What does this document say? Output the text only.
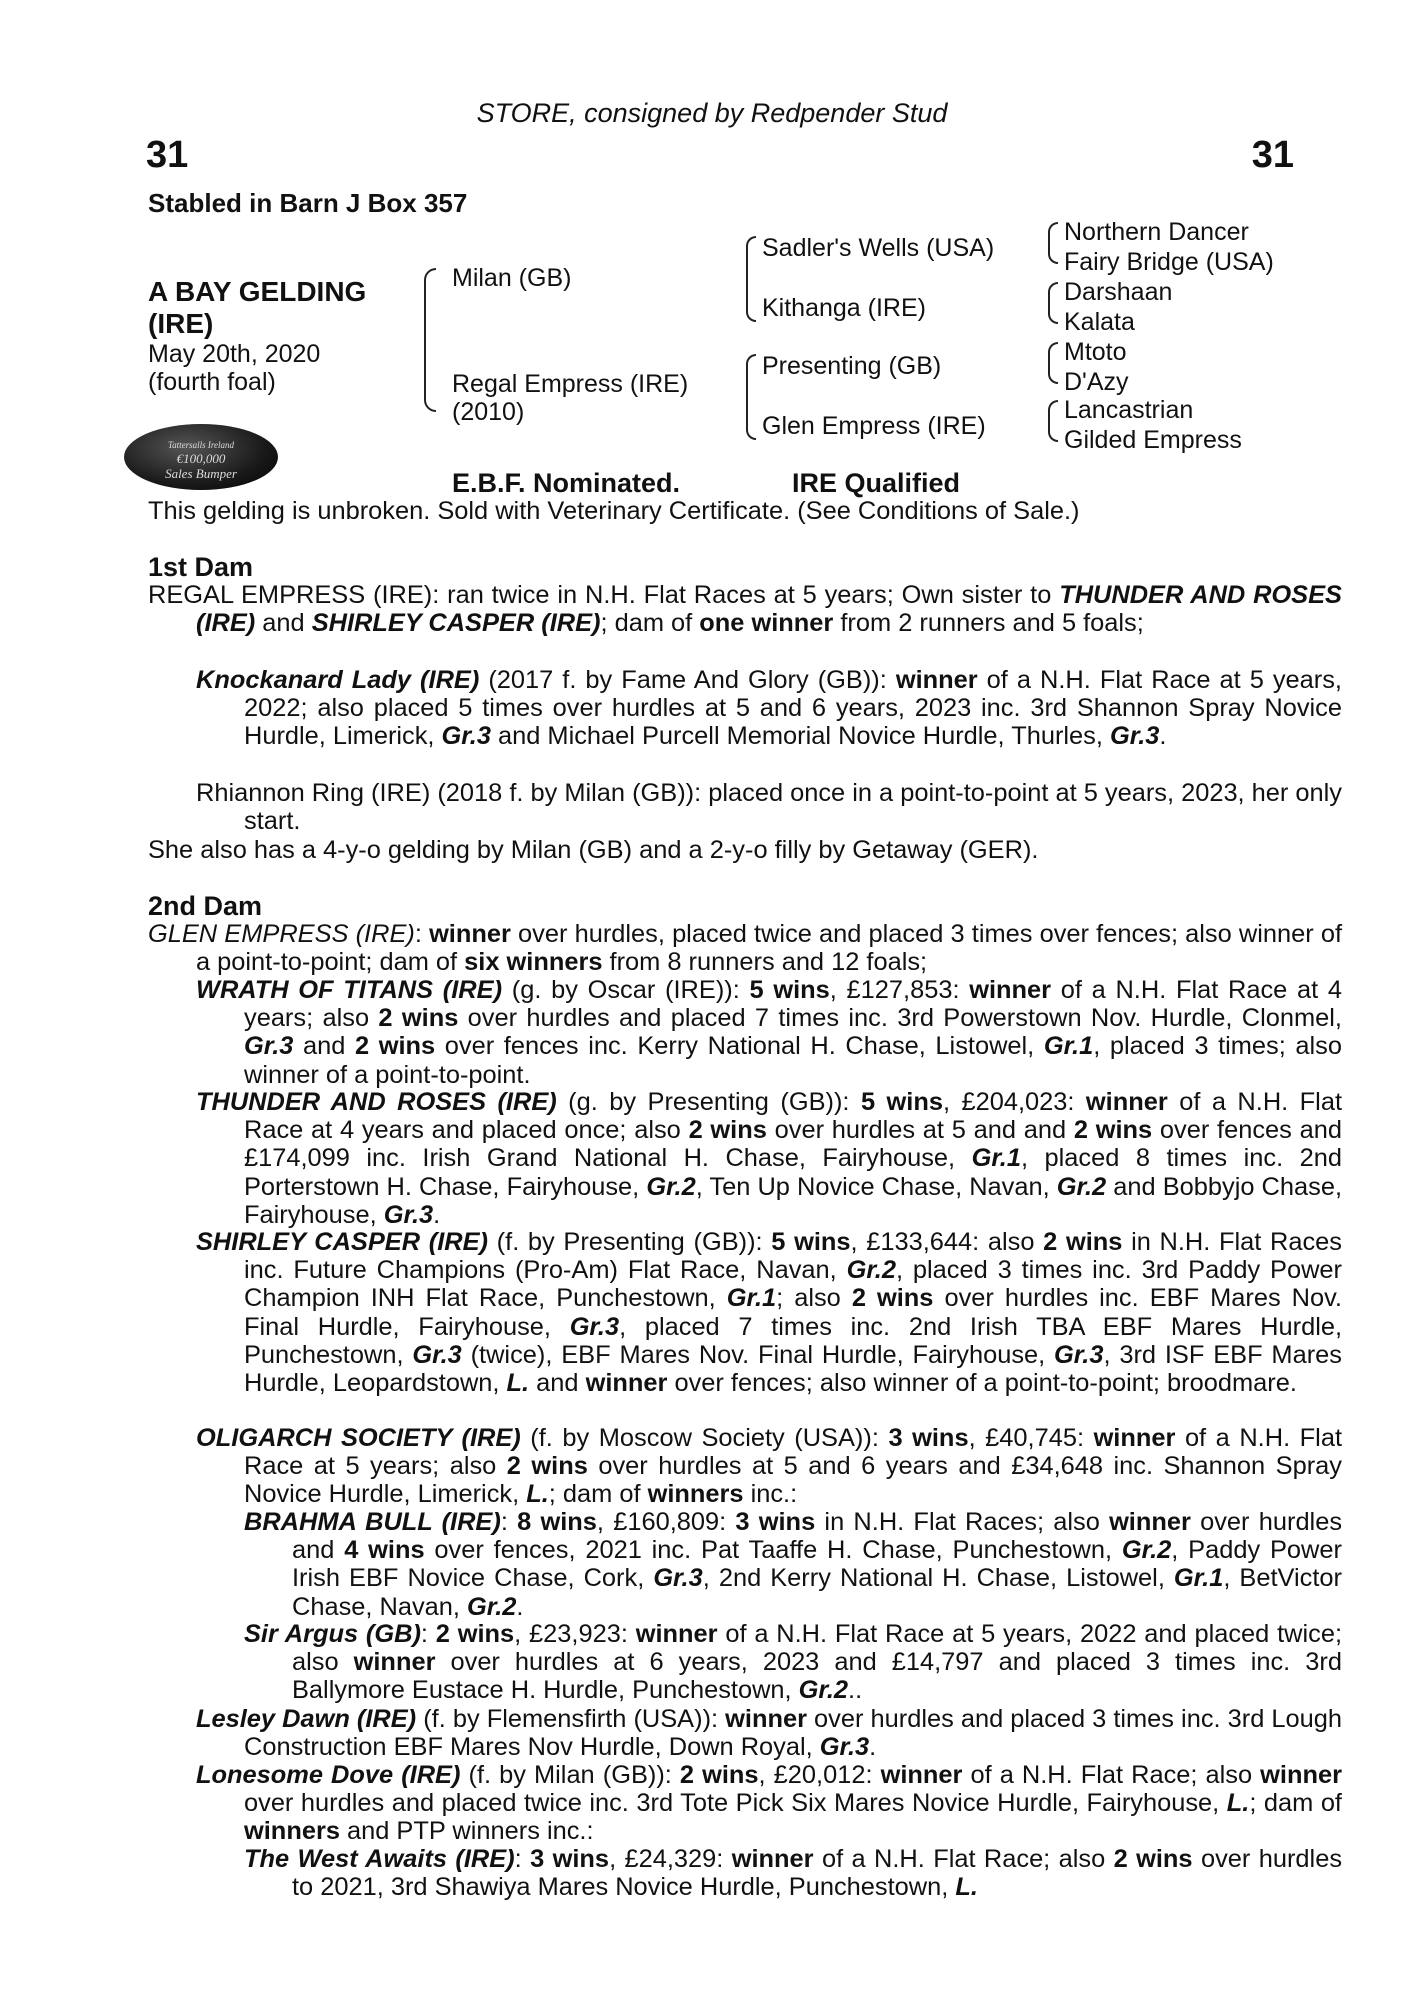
STORE, consigned by Redpender Stud
31	31
Stabled in Barn J Box 357
A BAY GELDING
(IRE)
May 20th, 2020
(fourth foal)
Tattersalls Ireland
€100,000
Sales Bumper
Milan (GB)
Regal Empress (IRE)
(2010)
Sadler's Wells (USA)
Kithanga (IRE)
Presenting (GB)
Glen Empress (IRE)
Northern Dancer
Fairy Bridge (USA)
Darshaan
Kalata
Mtoto
D'Azy
Lancastrian
Gilded Empress
E.B.F. Nominated.	IRE Qualified
This gelding is unbroken. Sold with Veterinary Certificate. (See Conditions of Sale.)
1st Dam
REGAL EMPRESS (IRE): ran twice in N.H. Flat Races at 5 years; Own sister to THUNDER AND ROSES (IRE) and SHIRLEY CASPER (IRE); dam of one winner from 2 runners and 5 foals;
Knockanard Lady (IRE) (2017 f. by Fame And Glory (GB)): winner of a N.H. Flat Race at 5 years, 2022; also placed 5 times over hurdles at 5 and 6 years, 2023 inc. 3rd Shannon Spray Novice Hurdle, Limerick, Gr.3 and Michael Purcell Memorial Novice Hurdle, Thurles, Gr.3.
Rhiannon Ring (IRE) (2018 f. by Milan (GB)): placed once in a point-to-point at 5 years, 2023, her only start.
She also has a 4-y-o gelding by Milan (GB) and a 2-y-o filly by Getaway (GER).
2nd Dam
GLEN EMPRESS (IRE): winner over hurdles, placed twice and placed 3 times over fences; also winner of a point-to-point; dam of six winners from 8 runners and 12 foals;
WRATH OF TITANS (IRE) (g. by Oscar (IRE)): 5 wins, £127,853: winner of a N.H. Flat Race at 4 years; also 2 wins over hurdles and placed 7 times inc. 3rd Powerstown Nov. Hurdle, Clonmel, Gr.3 and 2 wins over fences inc. Kerry National H. Chase, Listowel, Gr.1, placed 3 times; also winner of a point-to-point.
THUNDER AND ROSES (IRE) (g. by Presenting (GB)): 5 wins, £204,023: winner of a N.H. Flat Race at 4 years and placed once; also 2 wins over hurdles at 5 and and 2 wins over fences and £174,099 inc. Irish Grand National H. Chase, Fairyhouse, Gr.1, placed 8 times inc. 2nd Porterstown H. Chase, Fairyhouse, Gr.2, Ten Up Novice Chase, Navan, Gr.2 and Bobbyjo Chase, Fairyhouse, Gr.3.
SHIRLEY CASPER (IRE) (f. by Presenting (GB)): 5 wins, £133,644: also 2 wins in N.H. Flat Races inc. Future Champions (Pro-Am) Flat Race, Navan, Gr.2, placed 3 times inc. 3rd Paddy Power Champion INH Flat Race, Punchestown, Gr.1; also 2 wins over hurdles inc. EBF Mares Nov. Final Hurdle, Fairyhouse, Gr.3, placed 7 times inc. 2nd Irish TBA EBF Mares Hurdle, Punchestown, Gr.3 (twice), EBF Mares Nov. Final Hurdle, Fairyhouse, Gr.3, 3rd ISF EBF Mares Hurdle, Leopardstown, L. and winner over fences; also winner of a point-to-point; broodmare.
OLIGARCH SOCIETY (IRE) (f. by Moscow Society (USA)): 3 wins, £40,745: winner of a N.H. Flat Race at 5 years; also 2 wins over hurdles at 5 and 6 years and £34,648 inc. Shannon Spray Novice Hurdle, Limerick, L.; dam of winners inc.:
BRAHMA BULL (IRE): 8 wins, £160,809: 3 wins in N.H. Flat Races; also winner over hurdles and 4 wins over fences, 2021 inc. Pat Taaffe H. Chase, Punchestown, Gr.2, Paddy Power Irish EBF Novice Chase, Cork, Gr.3, 2nd Kerry National H. Chase, Listowel, Gr.1, BetVictor Chase, Navan, Gr.2.
Sir Argus (GB): 2 wins, £23,923: winner of a N.H. Flat Race at 5 years, 2022 and placed twice; also winner over hurdles at 6 years, 2023 and £14,797 and placed 3 times inc. 3rd Ballymore Eustace H. Hurdle, Punchestown, Gr.2..
Lesley Dawn (IRE) (f. by Flemensfirth (USA)): winner over hurdles and placed 3 times inc. 3rd Lough Construction EBF Mares Nov Hurdle, Down Royal, Gr.3.
Lonesome Dove (IRE) (f. by Milan (GB)): 2 wins, £20,012: winner of a N.H. Flat Race; also winner over hurdles and placed twice inc. 3rd Tote Pick Six Mares Novice Hurdle, Fairyhouse, L.; dam of winners and PTP winners inc.:
The West Awaits (IRE): 3 wins, £24,329: winner of a N.H. Flat Race; also 2 wins over hurdles to 2021, 3rd Shawiya Mares Novice Hurdle, Punchestown, L.
